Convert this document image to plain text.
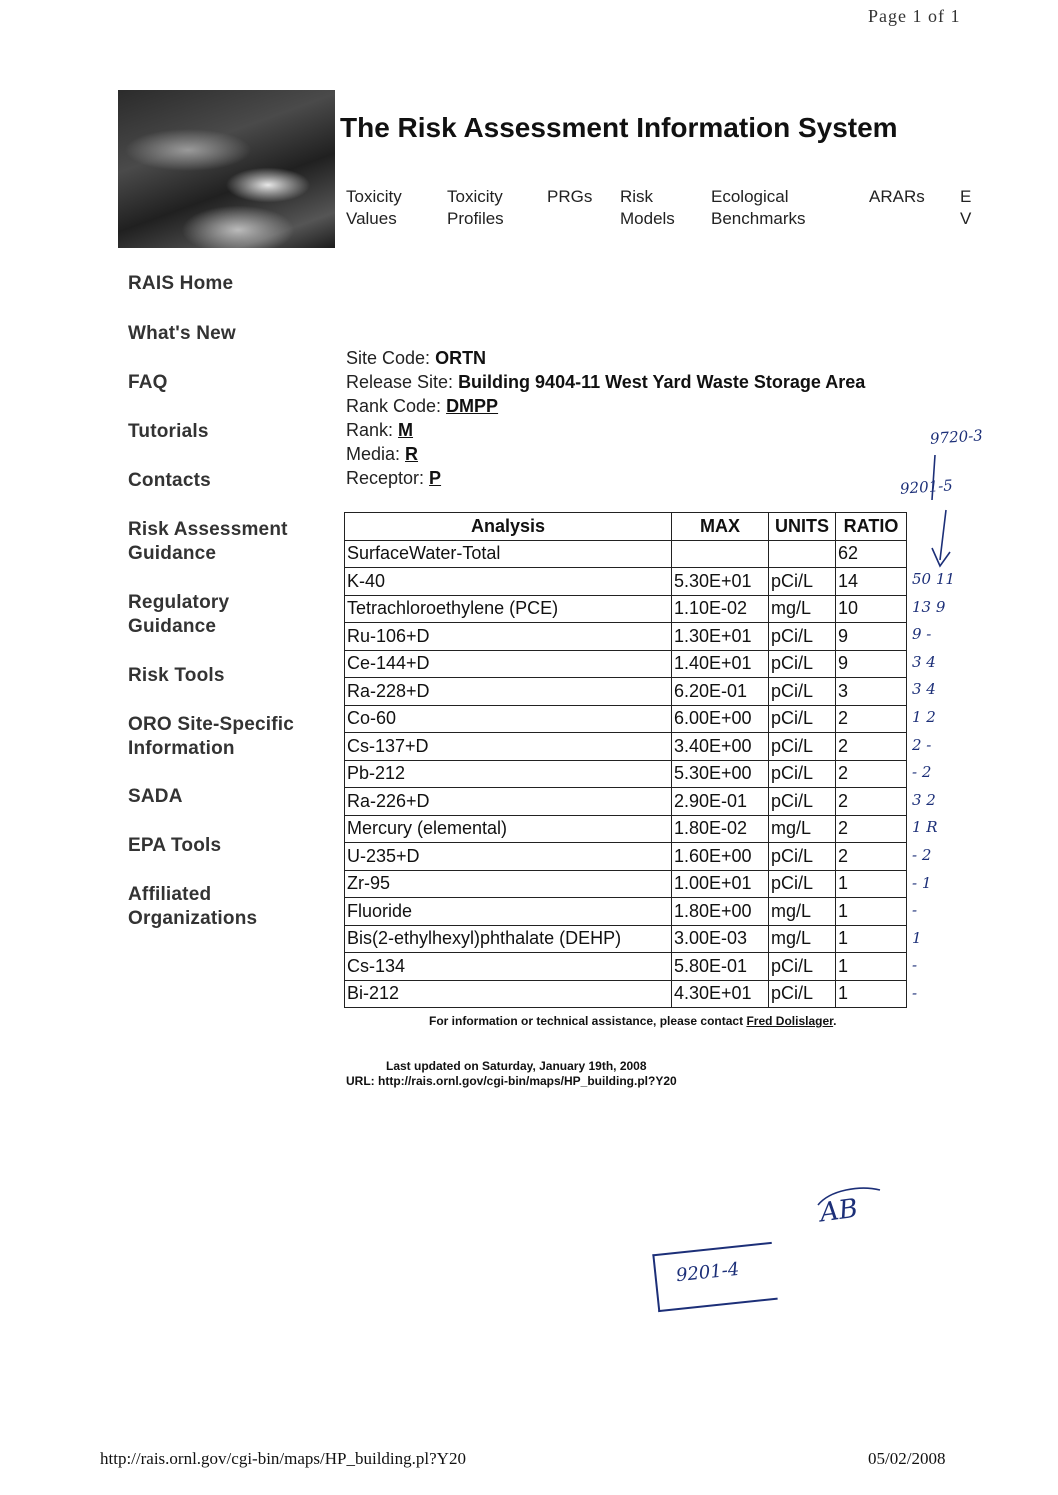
Page 1 of 1
The Risk Assessment Information System
Toxicity
Values
Toxicity
Profiles
PRGs Risk
Models
Ecological
Benchmarks
ARARs E
V
RAIS Home
What's New
FAQ
Tutorials
Contacts
Risk Assessment
Guidance
Regulatory
Guidance
Risk Tools
ORO Site-Specific
Information
SADA
EPA Tools
Affiliated
Organizations
Site Code: ORTN
Release Site: Building 9404-11 West Yard Waste Storage Area
Rank Code: DMPP
Rank: M
Media: R
Receptor: P
Analysis	MAX	UNITS	RATIO
SurfaceWater-Total			62
K-40	5.30E+01	pCi/L	14
Tetrachloroethylene (PCE)	1.10E-02	mg/L	10
Ru-106+D	1.30E+01	pCi/L	9
Ce-144+D	1.40E+01	pCi/L	9
Ra-228+D	6.20E-01	pCi/L	3
Co-60	6.00E+00	pCi/L	2
Cs-137+D	3.40E+00	pCi/L	2
Pb-212	5.30E+00	pCi/L	2
Ra-226+D	2.90E-01	pCi/L	2
Mercury (elemental)	1.80E-02	mg/L	2
U-235+D	1.60E+00	pCi/L	2
Zr-95	1.00E+01	pCi/L	1
Fluoride	1.80E+00	mg/L	1
Bis(2-ethylhexyl)phthalate (DEHP)	3.00E-03	mg/L	1
Cs-134	5.80E-01	pCi/L	1
Bi-212	4.30E+01	pCi/L	1
For information or technical assistance, please contact Fred Dolislager.
Last updated on Saturday, January 19th, 2008
URL: http://rais.ornl.gov/cgi-bin/maps/HP_building.pl?Y20
http://rais.ornl.gov/cgi-bin/maps/HP_building.pl?Y20	05/02/2008
9720-3
9201-5
50 11
13 9
9 -
3 4
3 4
1 2
2 -
- 2
3 2
1 R
- 2
- 1
-
1
-
-
AB
9201-4
